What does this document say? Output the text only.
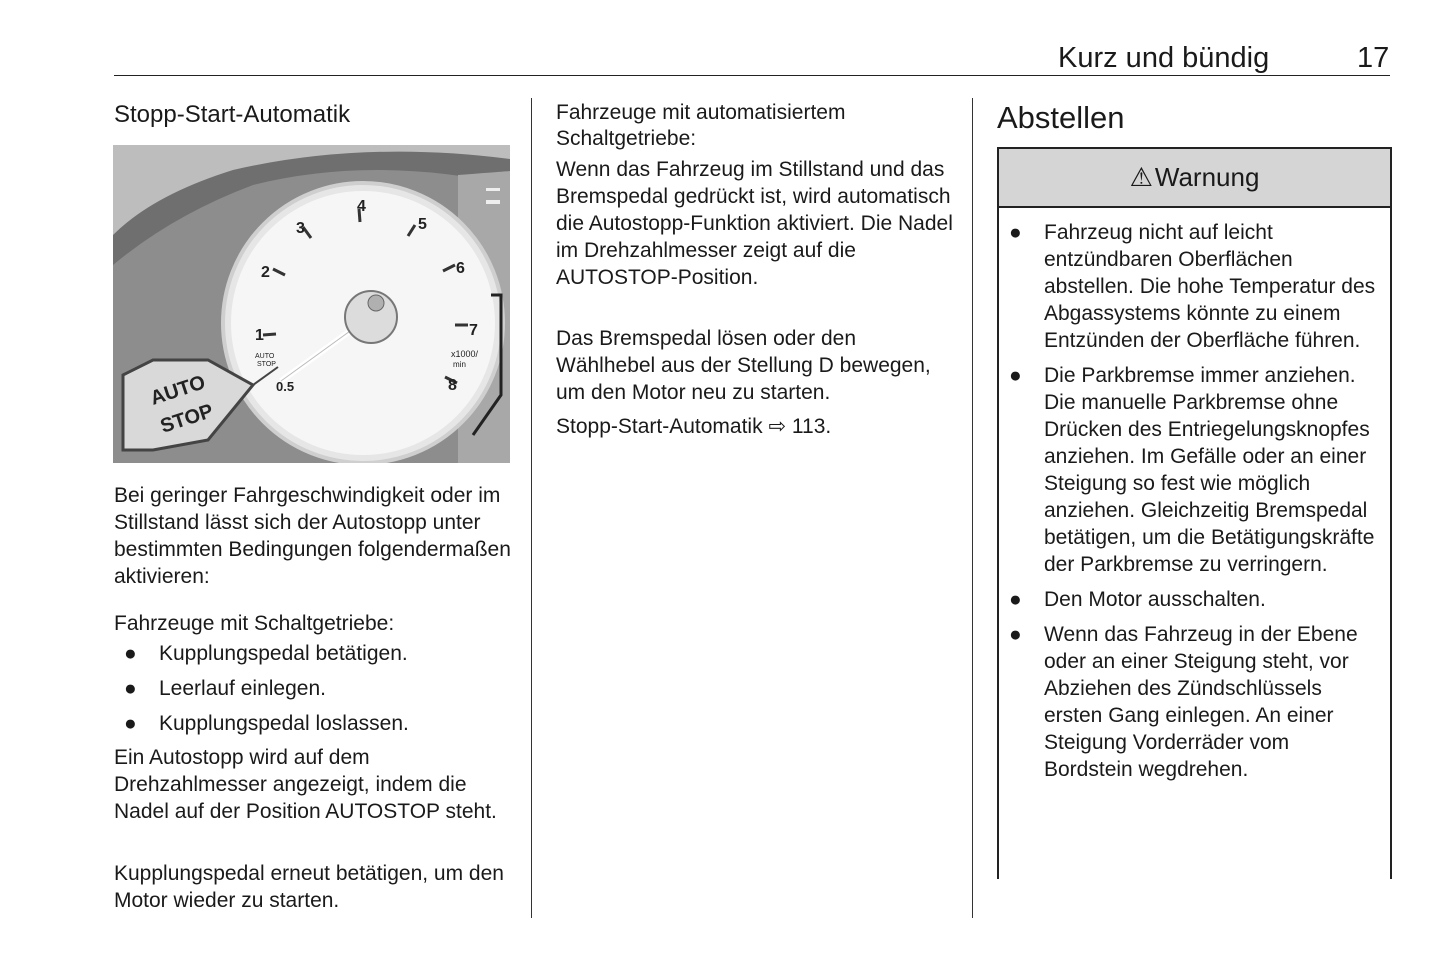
Kurz und bündig	17
Stopp-Start-Automatik
1
2
3
4
5
6
7
8
x1000/
min
AUTO
STOP
0.5
AUTO
STOP
Bei geringer Fahrgeschwindigkeit oder im Stillstand lässt sich der Autostopp unter bestimmten Bedingungen folgendermaßen aktivieren:
Fahrzeuge mit Schaltgetriebe:
●	Kupplungspedal betätigen.
●	Leerlauf einlegen.
●	Kupplungspedal loslassen.
Ein Autostopp wird auf dem Drehzahlmesser angezeigt, indem die Nadel auf der Position AUTOSTOP steht.
Kupplungspedal erneut betätigen, um den Motor wieder zu starten.
Fahrzeuge mit automatisiertem Schaltgetriebe:
Wenn das Fahrzeug im Stillstand und das Bremspedal gedrückt ist, wird automatisch die Autostopp-Funktion aktiviert. Die Nadel im Drehzahlmesser zeigt auf die AUTOSTOP-Position.
Das Bremspedal lösen oder den Wählhebel aus der Stellung D bewegen, um den Motor neu zu starten.
Stopp-Start-Automatik ⇨ 113.
Abstellen
⚠ Warnung
●	Fahrzeug nicht auf leicht entzündbaren Oberflächen abstellen. Die hohe Temperatur des Abgassystems könnte zu einem Entzünden der Oberfläche führen.
●	Die Parkbremse immer anziehen. Die manuelle Parkbremse ohne Drücken des Entriegelungsknopfes anziehen. Im Gefälle oder an einer Steigung so fest wie möglich anziehen. Gleichzeitig Bremspedal betätigen, um die Betätigungskräfte der Parkbremse zu verringern.
●	Den Motor ausschalten.
●	Wenn das Fahrzeug in der Ebene oder an einer Steigung steht, vor Abziehen des Zündschlüssels ersten Gang einlegen. An einer Steigung Vorderräder vom Bordstein wegdrehen.
